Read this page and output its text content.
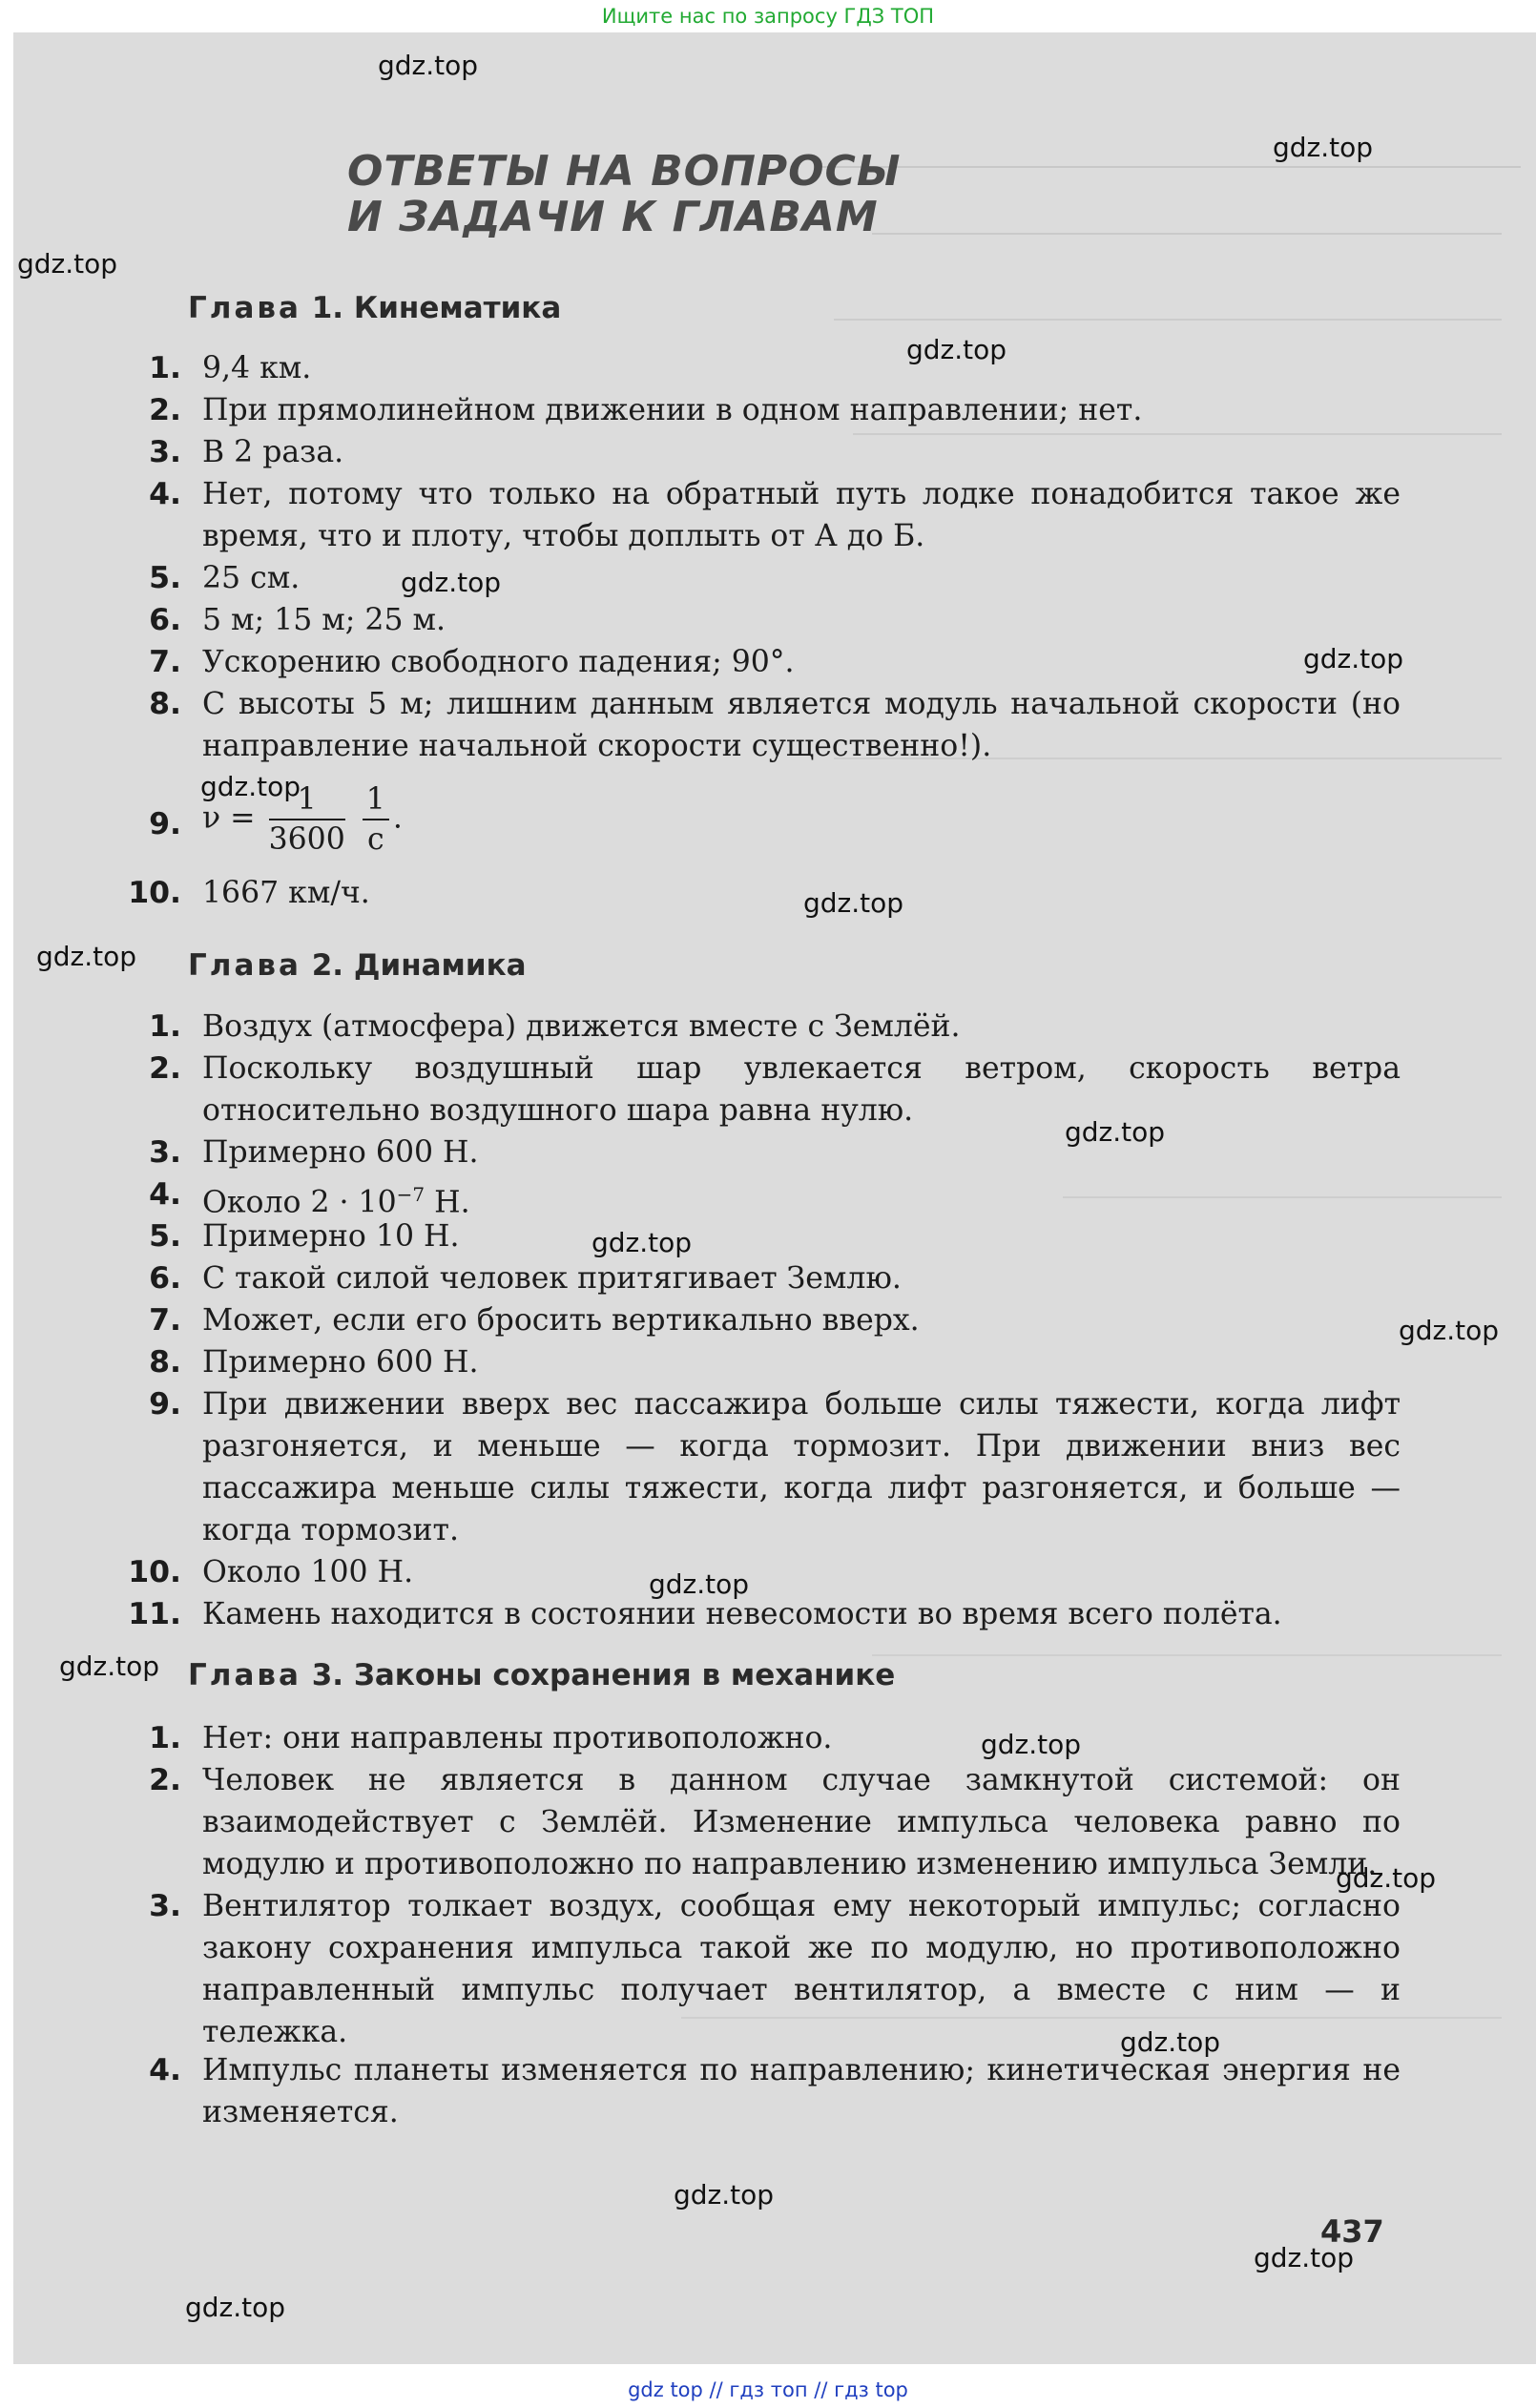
Ищите нас по запросу ГДЗ ТОП
ОТВЕТЫ НА ВОПРОСЫ
И ЗАДАЧИ К ГЛАВАМ
Глава 1. Кинематика
1. 9,4 км.
2. При прямолинейном движении в одном направлении; нет.
3. В 2 раза.
4. Нет, потому что только на обратный путь лодке понадобится такое же время, что и плоту, чтобы доплыть от А до Б.
5. 25 см.
6. 5 м; 15 м; 25 м.
7. Ускорению свободного падения; 90°.
8. С высоты 5 м; лишним данным является модуль начальной скорости (но направление начальной скорости существенно!).
9. $\nu = \frac{1}{3600}$
$\frac{1}{с}$ .
10. 1667 км/ч.
Глава 2. Динамика
1. Воздух (атмосфера) движется вместе с Землёй.
2. Поскольку воздушный шар увлекается ветром, скорость ветра относительно воздушного шара равна нулю.
3. Примерно 600 Н.
4. Около $2 \cdot 10^{-7}$ Н.
5. Примерно 10 Н.
6. С такой силой человек притягивает Землю.
7. Может, если его бросить вертикально вверх.
8. Примерно 600 Н.
9. При движении вверх вес пассажира больше силы тяжести, когда лифт разгоняется, и меньше — когда тормозит. При движении вниз вес пассажира меньше силы тяжести, когда лифт разгоняется, и больше — когда тормозит.
10. Около 100 Н.
11. Камень находится в состоянии невесомости во время всего полёта.
Глава 3. Законы сохранения в механике
1. Нет: они направлены противоположно.
2. Человек не является в данном случае замкнутой системой: он взаимодействует с Землёй. Изменение импульса человека равно по модулю и противоположно по направлению изменению импульса Земли.
3. Вентилятор толкает воздух, сообщая ему некоторый импульс; согласно закону сохранения импульса такой же по модулю, но противоположно направленный импульс получает вентилятор, а вместе с ним — и тележка.
4. Импульс планеты изменяется по направлению; кинетическая энергия не изменяется.
437
gdz.top
gdz.top
gdz.top
gdz.top
gdz.top
gdz.top
gdz.top
gdz.top
gdz.top
gdz.top
gdz.top
gdz.top
gdz.top
gdz.top
gdz.top
gdz.top
gdz.top
gdz.top
gdz.top
gdz.top
gdz top // гдз топ // гдз top
